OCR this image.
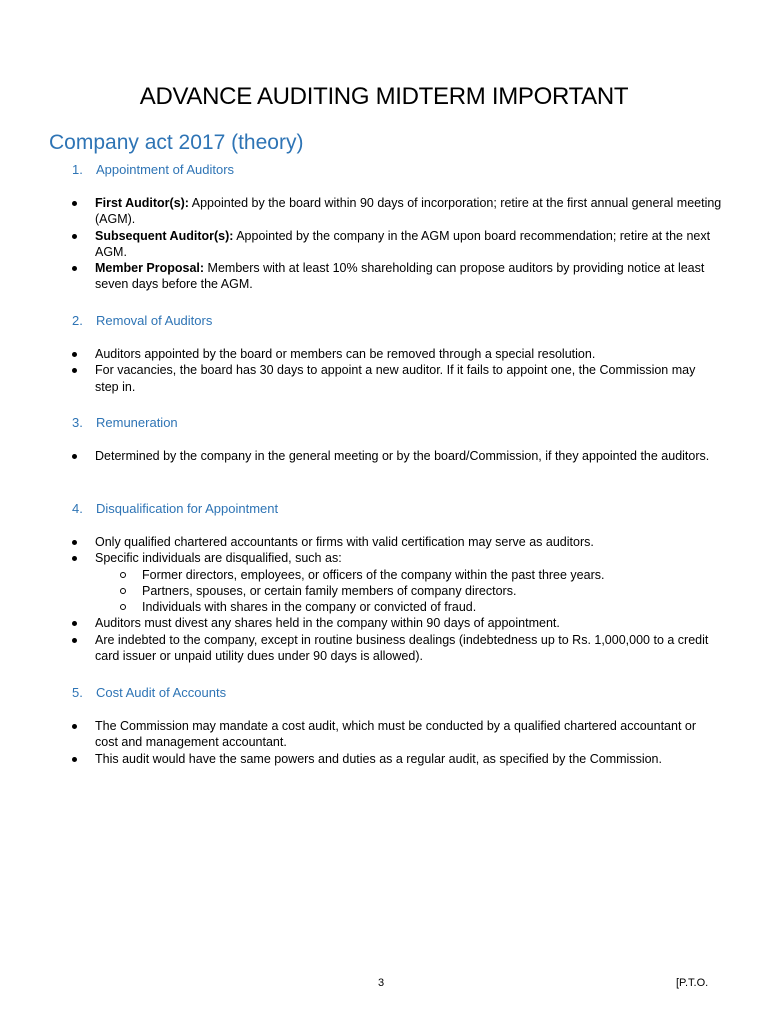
ADVANCE AUDITING MIDTERM IMPORTANT
Company act 2017 (theory)
1. Appointment of Auditors
First Auditor(s): Appointed by the board within 90 days of incorporation; retire at the first annual general meeting (AGM).
Subsequent Auditor(s): Appointed by the company in the AGM upon board recommendation; retire at the next AGM.
Member Proposal: Members with at least 10% shareholding can propose auditors by providing notice at least seven days before the AGM.
2. Removal of Auditors
Auditors appointed by the board or members can be removed through a special resolution.
For vacancies, the board has 30 days to appoint a new auditor. If it fails to appoint one, the Commission may step in.
3. Remuneration
Determined by the company in the general meeting or by the board/Commission, if they appointed the auditors.
4. Disqualification for Appointment
Only qualified chartered accountants or firms with valid certification may serve as auditors.
Specific individuals are disqualified, such as:
Former directors, employees, or officers of the company within the past three years.
Partners, spouses, or certain family members of company directors.
Individuals with shares in the company or convicted of fraud.
Auditors must divest any shares held in the company within 90 days of appointment.
Are indebted to the company, except in routine business dealings (indebtedness up to Rs. 1,000,000 to a credit card issuer or unpaid utility dues under 90 days is allowed).
5. Cost Audit of Accounts
The Commission may mandate a cost audit, which must be conducted by a qualified chartered accountant or cost and management accountant.
This audit would have the same powers and duties as a regular audit, as specified by the Commission.
3	[P.T.O.
